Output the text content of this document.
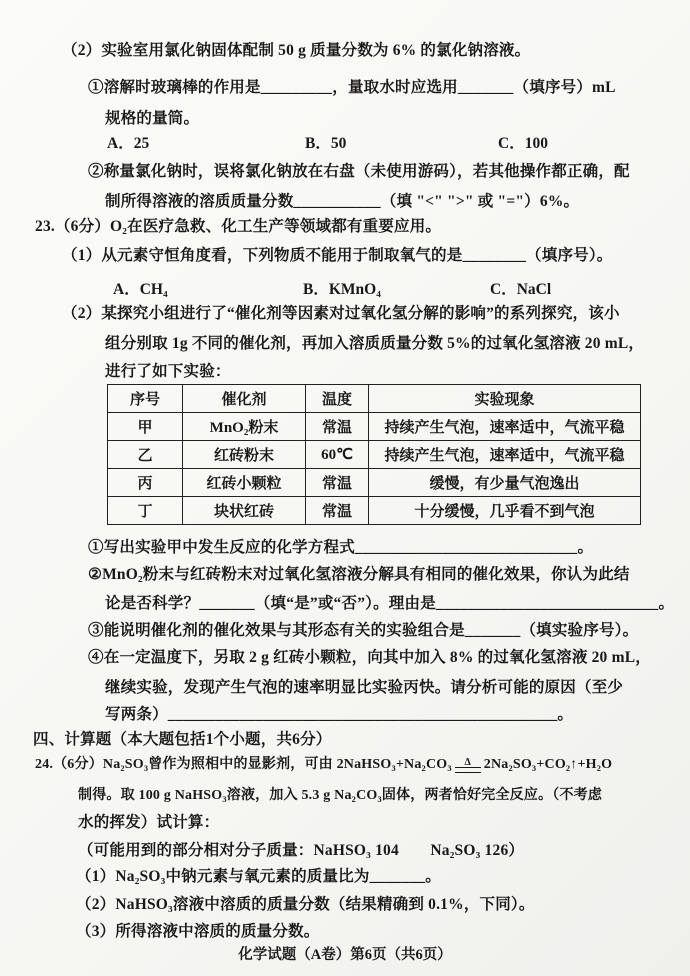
（2）实验室用氯化钠固体配制 50 g 质量分数为 6% 的氯化钠溶液。
①溶解时玻璃棒的作用是_________，量取水时应选用_______（填序号）mL
规格的量筒。
A．25	B．50	C．100
②称量氯化钠时，误将氯化钠放在右盘（未使用游码），若其他操作都正确，配
制所得溶液的溶质质量分数___________（填 "<" ">" 或 "="）6%。
23.（6分）O₂在医疗急救、化工生产等领域都有重要应用。
（1）从元素守恒角度看，下列物质不能用于制取氧气的是________（填序号）。
A．CH₄	B．KMnO₄	C．NaCl
（2）某探究小组进行了“催化剂等因素对过氧化氢分解的影响”的系列探究，该小
组分别取 1g 不同的催化剂，再加入溶质质量分数 5%的过氧化氢溶液 20 mL，
进行了如下实验：
序号	催化剂	温度	实验现象
甲	MnO₂粉末	常温	持续产生气泡，速率适中，气流平稳
乙	红砖粉末	60℃	持续产生气泡，速率适中，气流平稳
丙	红砖小颗粒	常温	缓慢，有少量气泡逸出
丁	块状红砖	常温	十分缓慢，几乎看不到气泡
①写出实验甲中发生反应的化学方程式____________________________。
②MnO₂粉末与红砖粉末对过氧化氢溶液分解具有相同的催化效果，你认为此结
论是否科学？_______（填“是”或“否”）。理由是____________________________。
③能说明催化剂的催化效果与其形态有关的实验组合是_______（填实验序号）。
④在一定温度下，另取 2 g 红砖小颗粒，向其中加入 8% 的过氧化氢溶液 20 mL，
继续实验，发现产生气泡的速率明显比实验丙快。请分析可能的原因（至少
写两条）_________________________________________________。
四、计算题（本大题包括1个小题，共6分）
24.（6分）Na₂SO₃曾作为照相中的显影剂，可由 2NaHSO₃+Na₂CO₃	Δ 2Na₂SO₃+CO₂↑+H₂O
制得。取 100 g NaHSO₃溶液，加入 5.3 g Na₂CO₃固体，两者恰好完全反应。（不考虑
水的挥发）试计算：
（可能用到的部分相对分子质量：NaHSO₃ 104　　Na₂SO₃ 126）
（1）Na₂SO₃中钠元素与氧元素的质量比为_______。
（2）NaHSO₃溶液中溶质的质量分数（结果精确到 0.1%，下同）。
（3）所得溶液中溶质的质量分数。
化学试题（A卷）第6页（共6页）
